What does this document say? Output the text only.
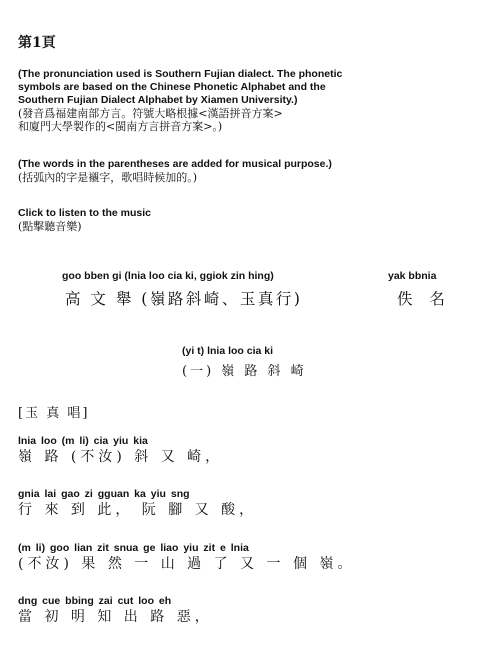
第1頁
(The pronunciation used is Southern Fujian dialect. The phonetic
symbols are based on the Chinese Phonetic Alphabet and the
Southern Fujian Dialect Alphabet by Xiamen University.)
(發音爲福建南部方言。符號大略根據<漢語拼音方案>
和廈門大學製作的<閩南方言拼音方案>。)
(The words in the parentheses are added for musical purpose.)
(括弧內的字是襯字，歌唱時候加的。)
Click to listen to the music
(點擊聽音樂)
goo bben gi (lnia loo cia ki, ggiok zin hing)
高 文 舉 (嶺路斜崎、玉真行)
yak bbnia
佚 名
(yi t) lnia loo cia ki
(一) 嶺 路 斜 崎
[玉 真 唱]
lnia loo (m li) cia yiu kia
嶺 路 (不汝) 斜 又 崎，
gnia lai gao zi gguan ka yiu sng
行 來 到 此， 阮 腳 又 酸，
(m li) goo lian zit snua ge liao yiu zit e lnia
(不汝) 果 然 一 山 過 了 又 一 個 嶺。
dng cue bbing zai cut loo eh
當 初 明 知 出 路 惡，
